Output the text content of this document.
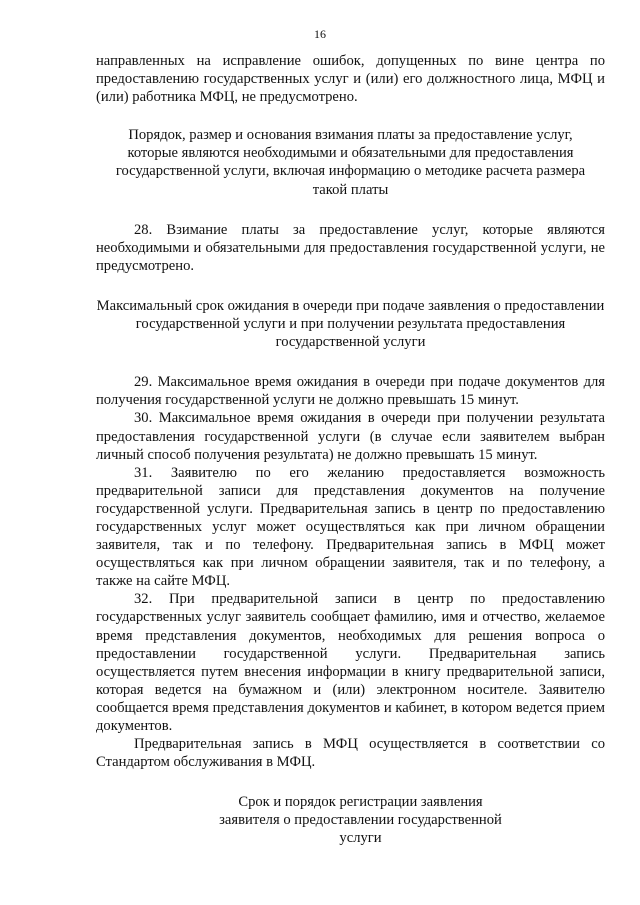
16

направленных на исправление ошибок, допущенных по вине центра по предоставлению государственных услуг и (или) его должностного лица, МФЦ и (или) работника МФЦ, не предусмотрено.

Порядок, размер и основания взимания платы за предоставление услуг, которые являются необходимыми и обязательными для предоставления государственной услуги, включая информацию о методике расчета размера такой платы

28. Взимание платы за предоставление услуг, которые являются необходимыми и обязательными для предоставления государственной услуги, не предусмотрено.

Максимальный срок ожидания в очереди при подаче заявления о предоставлении государственной услуги и при получении результата предоставления государственной услуги

29. Максимальное время ожидания в очереди при подаче документов для получения государственной услуги не должно превышать 15 минут.

30. Максимальное время ожидания в очереди при получении результата предоставления государственной услуги (в случае если заявителем выбран личный способ получения результата) не должно превышать 15 минут.

31. Заявителю по его желанию предоставляется возможность предварительной записи для представления документов на получение государственной услуги. Предварительная запись в центр по предоставлению государственных услуг может осуществляться как при личном обращении заявителя, так и по телефону. Предварительная запись в МФЦ может осуществляться как при личном обращении заявителя, так и по телефону, а также на сайте МФЦ.

32. При предварительной записи в центр по предоставлению государственных услуг заявитель сообщает фамилию, имя и отчество, желаемое время представления документов, необходимых для решения вопроса о предоставлении государственной услуги. Предварительная запись осуществляется путем внесения информации в книгу предварительной записи, которая ведется на бумажном и (или) электронном носителе. Заявителю сообщается время представления документов и кабинет, в котором ведется прием документов.

Предварительная запись в МФЦ осуществляется в соответствии со Стандартом обслуживания в МФЦ.

Срок и порядок регистрации заявления заявителя о предоставлении государственной услуги
